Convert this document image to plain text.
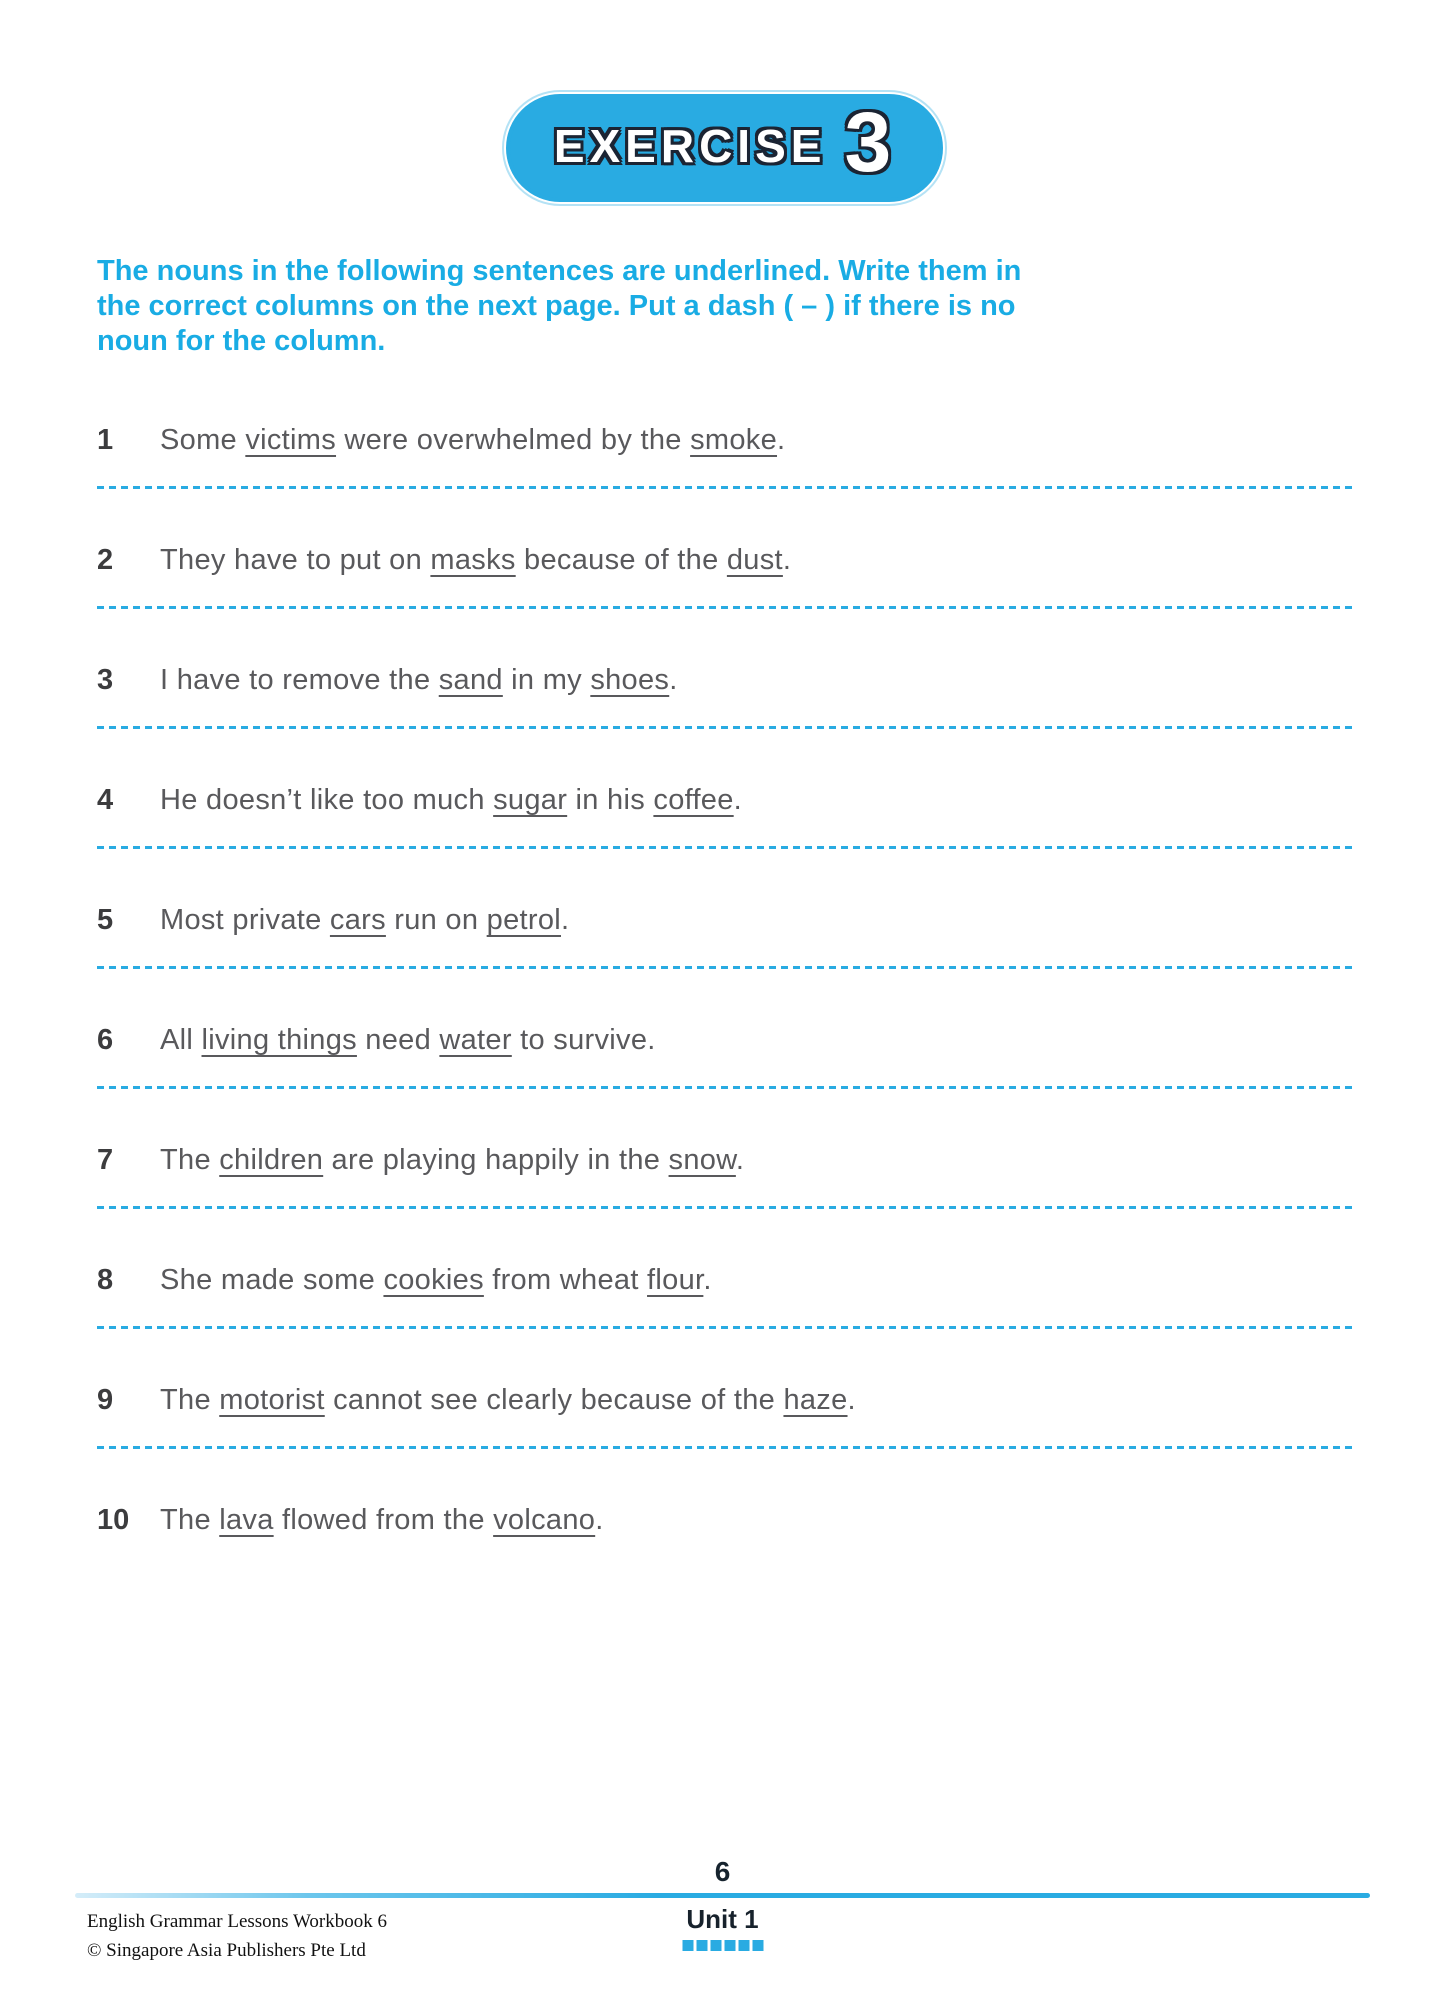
EXERCISE 3

The nouns in the following sentences are underlined. Write them in the correct columns on the next page. Put a dash ( – ) if there is no noun for the column.

1	Some victims were overwhelmed by the smoke.
2	They have to put on masks because of the dust.
3	I have to remove the sand in my shoes.
4	He doesn’t like too much sugar in his coffee.
5	Most private cars run on petrol.
6	All living things need water to survive.
7	The children are playing happily in the snow.
8	She made some cookies from wheat flour.
9	The motorist cannot see clearly because of the haze.
10	The lava flowed from the volcano.
6
English Grammar Lessons Workbook 6
© Singapore Asia Publishers Pte Ltd
Unit 1
